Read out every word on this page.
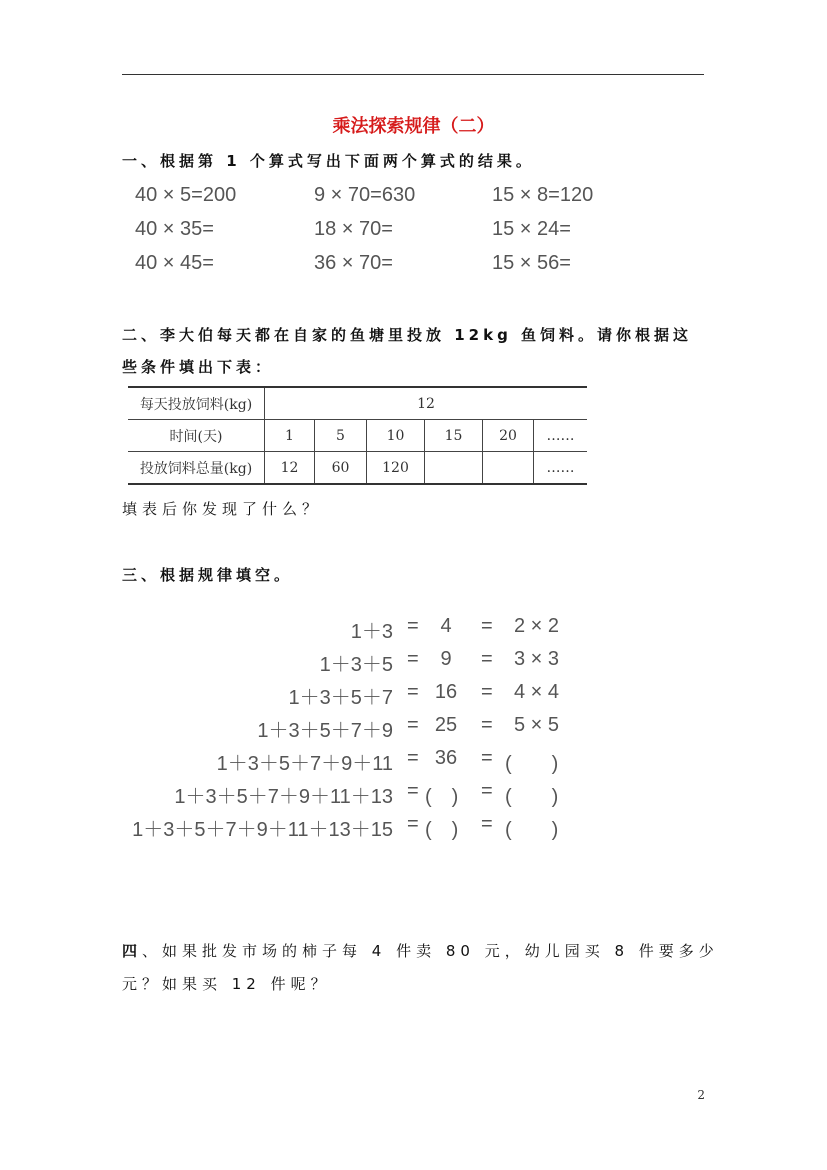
乘法探索规律（二）
一、根据第 1 个算式写出下面两个算式的结果。
40 × 5=200	9 × 70=630	15 × 8=120
40 × 35=	18 × 70=	15 × 24=
40 × 45=	36 × 70=	15 × 56=
二、李大伯每天都在自家的鱼塘里投放 12kg 鱼饲料。请你根据这
些条件填出下表：
每天投放饲料(kg)	12					
时间(天)	1	5	10	15	20	……
投放饲料总量(kg)	12	60	120			……
填表后你发现了什么？
三、根据规律填空。
1＋3 =	4	= 2 × 2
1＋3＋5 =	9	= 3 × 3
1＋3＋5＋7 = 16	= 4 × 4
1＋3＋5＋7＋9 = 25	= 5 × 5
1＋3＋5＋7＋9＋11 = 36	= (　　)
1＋3＋5＋7＋9＋11＋13 = (　) = (　　)
1＋3＋5＋7＋9＋11＋13＋15 = (　) = (　　)
四、如果批发市场的柿子每 4 件卖 80 元，幼儿园买 8 件要多少
元？如果买 12 件呢？
2
